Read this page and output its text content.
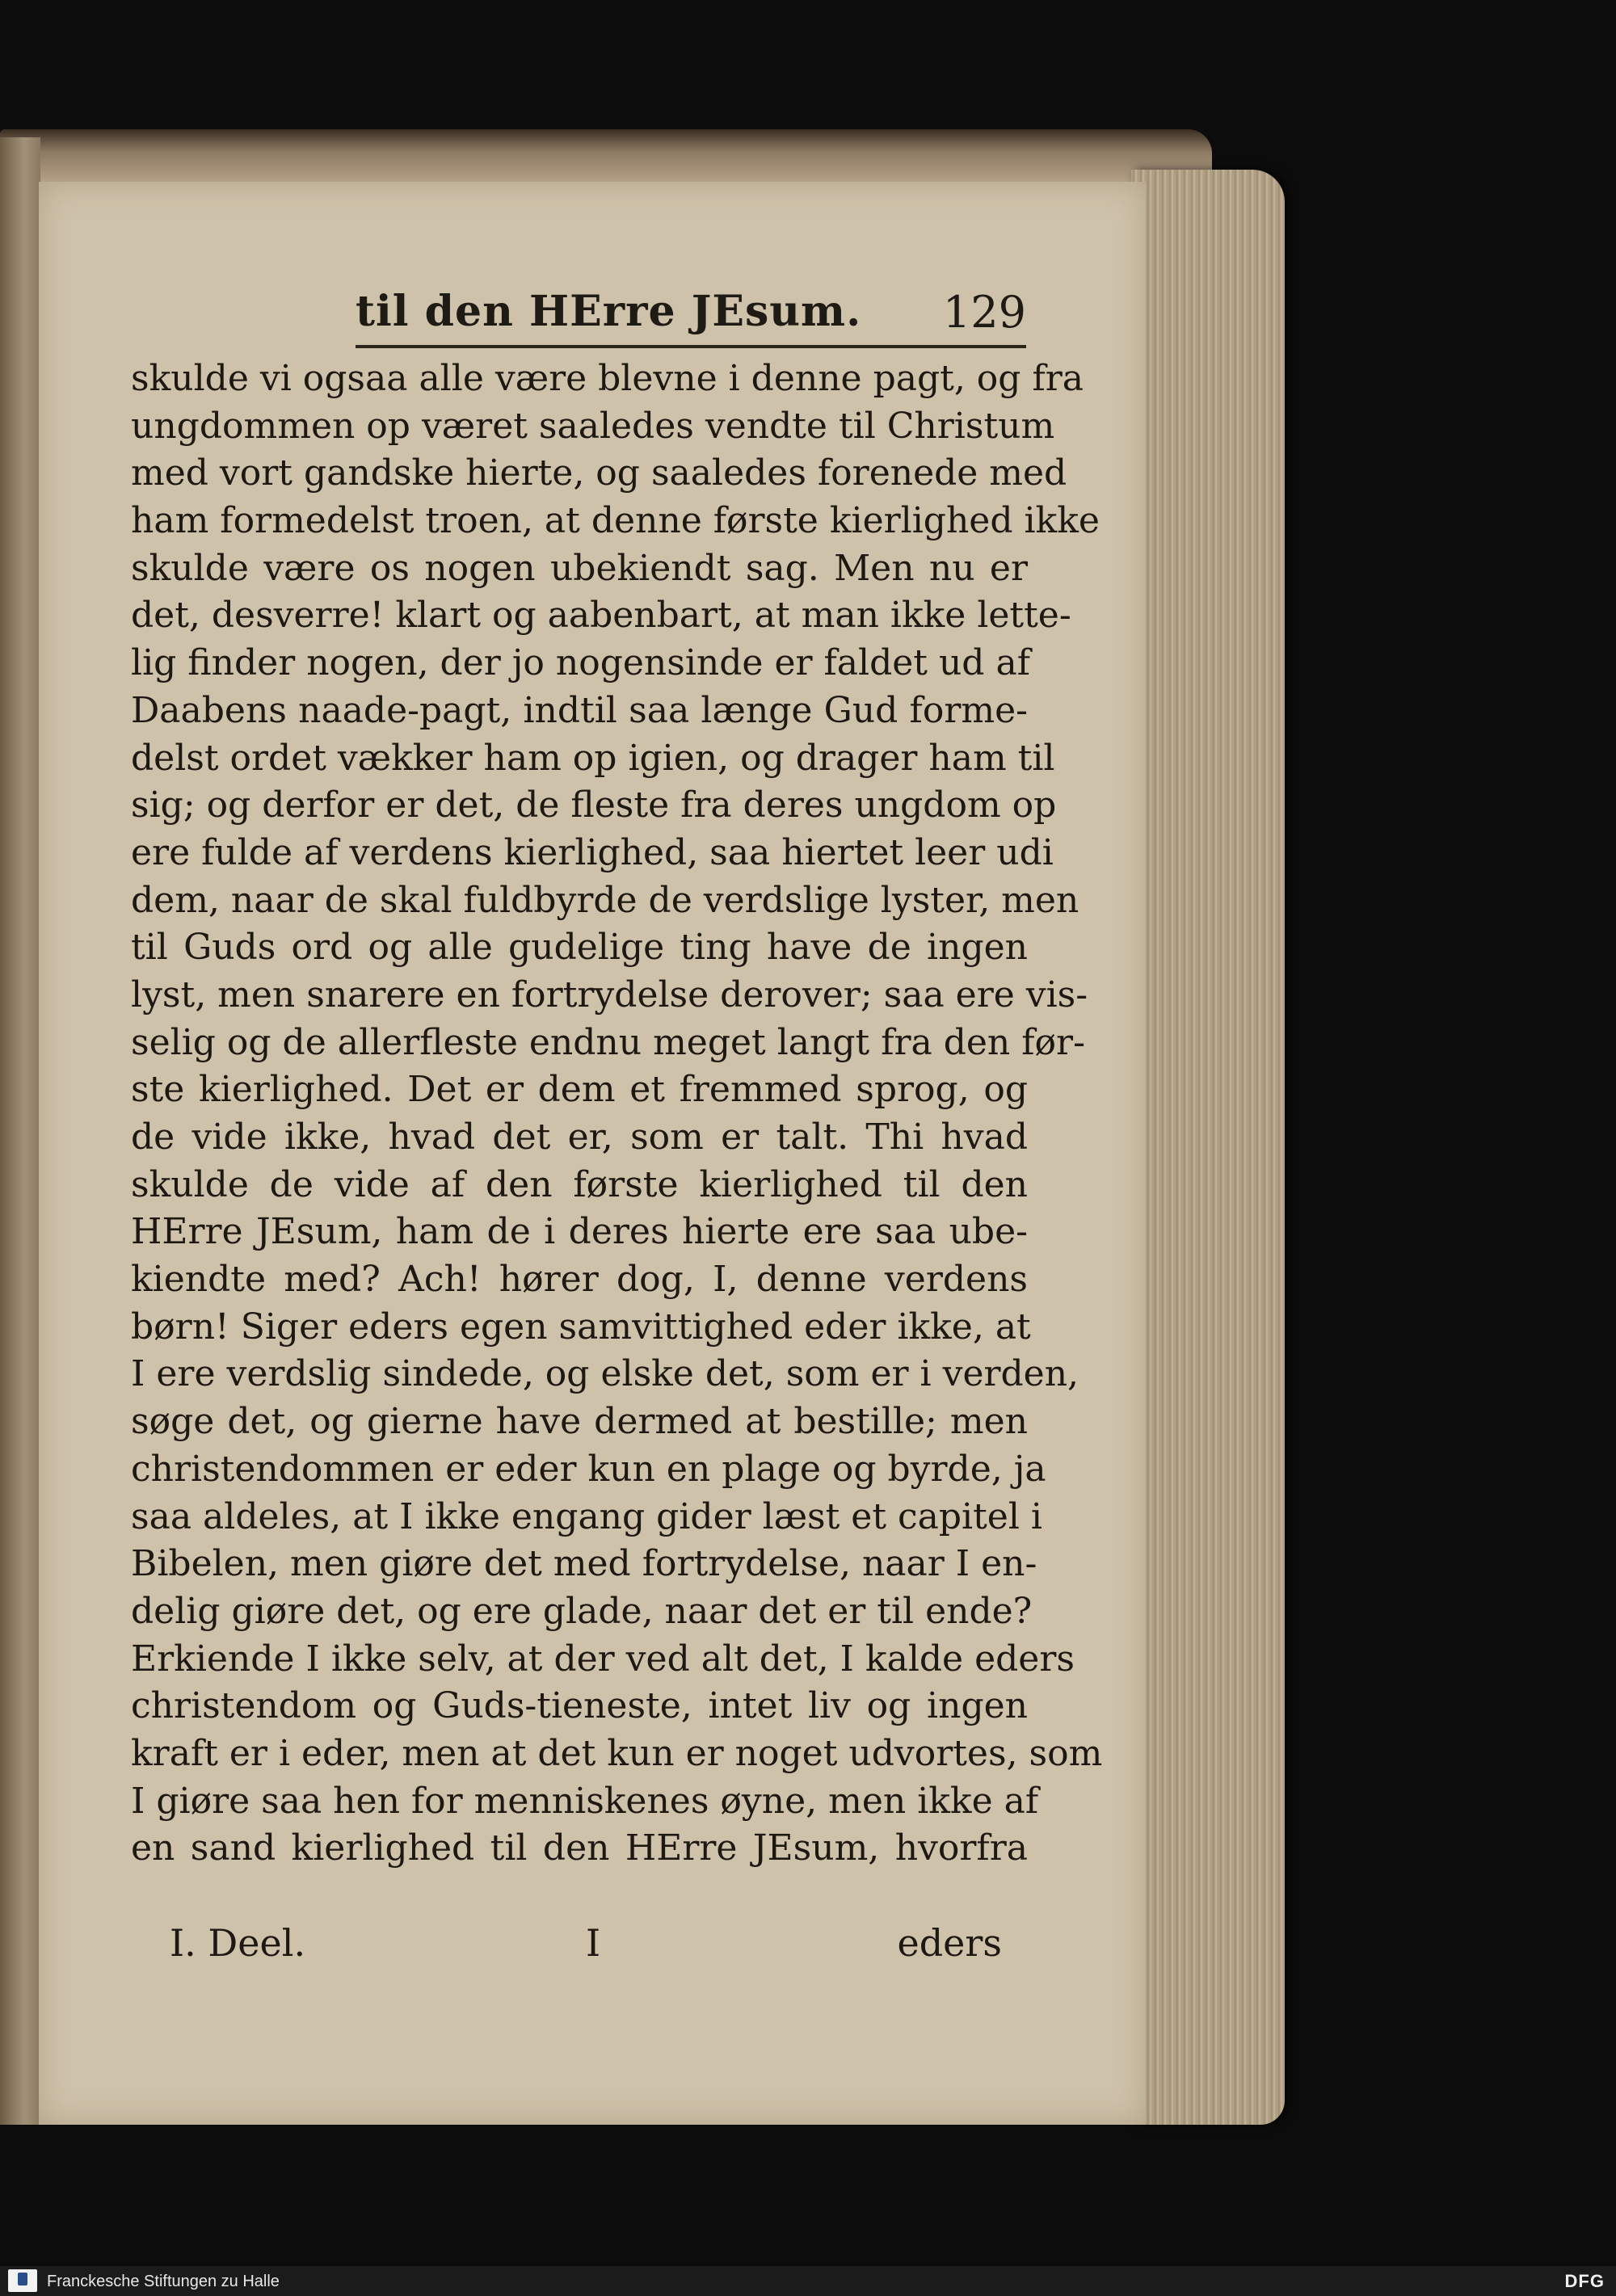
til den HErre JEsum. 129
skulde vi ogsaa alle være blevne i denne pagt, og fra
ungdommen op været saaledes vendte til Christum
med vort gandske hierte, og saaledes forenede med
ham formedelst troen, at denne første kierlighed ikke
skulde være os nogen ubekiendt sag. Men nu er
det, desverre! klart og aabenbart, at man ikke lette-
lig finder nogen, der jo nogensinde er faldet ud af
Daabens naade-pagt, indtil saa længe Gud forme-
delst ordet vækker ham op igien, og drager ham til
sig; og derfor er det, de fleste fra deres ungdom op
ere fulde af verdens kierlighed, saa hiertet leer udi
dem, naar de skal fuldbyrde de verdslige lyster, men
til Guds ord og alle gudelige ting have de ingen
lyst, men snarere en fortrydelse derover; saa ere vis-
selig og de allerfleste endnu meget langt fra den før-
ste kierlighed. Det er dem et fremmed sprog, og
de vide ikke, hvad det er, som er talt. Thi hvad
skulde de vide af den første kierlighed til den
HErre JEsum, ham de i deres hierte ere saa ube-
kiendte med? Ach! hører dog, I, denne verdens
børn! Siger eders egen samvittighed eder ikke, at
I ere verdslig sindede, og elske det, som er i verden,
søge det, og gierne have dermed at bestille; men
christendommen er eder kun en plage og byrde, ja
saa aldeles, at I ikke engang gider læst et capitel i
Bibelen, men giøre det med fortrydelse, naar I en-
delig giøre det, og ere glade, naar det er til ende?
Erkiende I ikke selv, at der ved alt det, I kalde eders
christendom og Guds-tieneste, intet liv og ingen
kraft er i eder, men at det kun er noget udvortes, som
I giøre saa hen for menniskenes øyne, men ikke af
en sand kierlighed til den HErre JEsum, hvorfra
I. Deel.	I	eders
Franckesche Stiftungen zu Halle	DFG
